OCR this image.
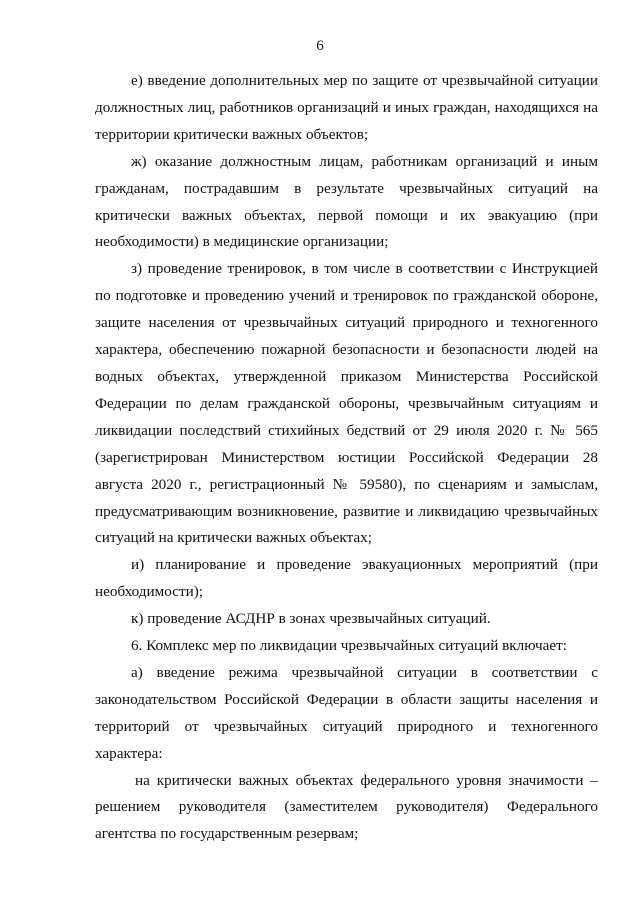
6

е) введение дополнительных мер по защите от чрезвычайной ситуации должностных лиц, работников организаций и иных граждан, находящихся на территории критически важных объектов;

ж) оказание должностным лицам, работникам организаций и иным гражданам, пострадавшим в результате чрезвычайных ситуаций на критически важных объектах, первой помощи и их эвакуацию (при необходимости) в медицинские организации;

з) проведение тренировок, в том числе в соответствии с Инструкцией по подготовке и проведению учений и тренировок по гражданской обороне, защите населения от чрезвычайных ситуаций природного и техногенного характера, обеспечению пожарной безопасности и безопасности людей на водных объектах, утвержденной приказом Министерства Российской Федерации по делам гражданской обороны, чрезвычайным ситуациям и ликвидации последствий стихийных бедствий от 29 июля 2020 г. № 565 (зарегистрирован Министерством юстиции Российской Федерации 28 августа 2020 г., регистрационный № 59580), по сценариям и замыслам, предусматривающим возникновение, развитие и ликвидацию чрезвычайных ситуаций на критически важных объектах;

и) планирование и проведение эвакуационных мероприятий (при необходимости);

к) проведение АСДНР в зонах чрезвычайных ситуаций.

6. Комплекс мер по ликвидации чрезвычайных ситуаций включает:

а) введение режима чрезвычайной ситуации в соответствии с законодательством Российской Федерации в области защиты населения и территорий от чрезвычайных ситуаций природного и техногенного характера:

на критически важных объектах федерального уровня значимости – решением руководителя (заместителем руководителя) Федерального агентства по государственным резервам;
